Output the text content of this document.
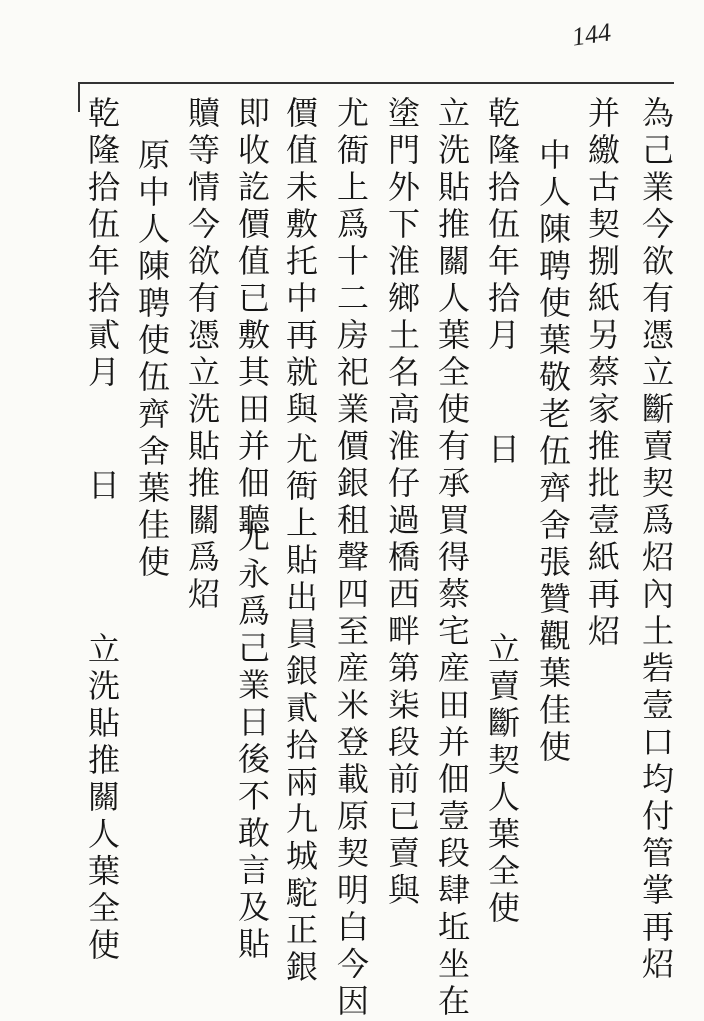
144
為己業今欲有憑立斷賣契爲炤內土砦壹口均付管掌再炤
并繳古契捌紙另蔡家推批壹紙再炤
中人陳聘使葉敬老伍齊舍張贊觀葉佳使
乾隆拾伍年拾月
日
立賣斷契人葉全使
立洗貼推關人葉全使有承買得蔡宅産田并佃壹段肆坵坐在
塗門外下淮鄉土名高淮仔過橋西畔第柒段前已賣與
尤衙上爲十二房祀業價銀租聲四至産米登載原契明白今因
價值未敷托中再就與
尤衙上貼出員銀貳拾兩九城駝正銀
即收訖價值已敷其田并佃聽
尤永爲己業日後不敢言及貼
贖等情今欲有憑立洗貼推關爲炤
原中人陳聘使伍齊舍葉佳使
日
立洗貼推關人葉全使
乾隆拾伍年拾貳月
